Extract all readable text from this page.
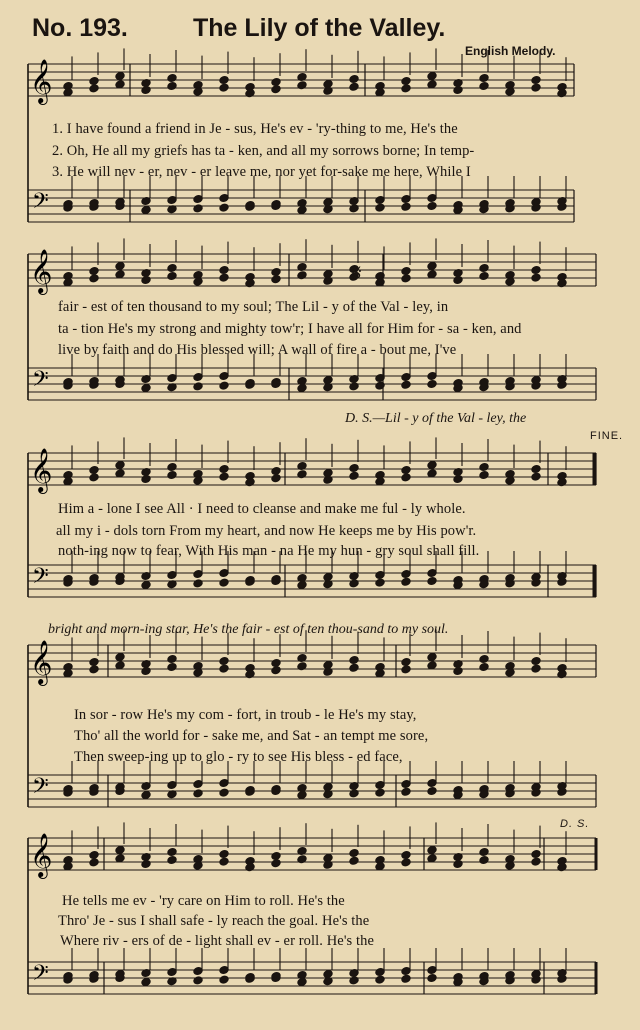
No. 193.	The Lily of the Valley.
English Melody.
𝄞
𝄢
𝄞
𝄢
𝄞
𝄢
𝄞
𝄢
𝄞
𝄢
1. I have found a friend in Je - sus, He's ev - 'ry-thing to me, He's the
2. Oh, He all my griefs has ta - ken, and all my sorrows borne; In temp-
3. He will nev - er, nev - er leave me, nor yet for-sake me here, While I
fair - est of ten thousand to my soul; The Lil - y of the Val - ley, in
ta - tion He's my strong and mighty tow'r; I have all for Him for - sa - ken, and
live by faith and do His blessed will; A wall of fire a - bout me, I've
D. S.—Lil - y of the Val - ley, the
Him a - lone I see All · I need to cleanse and make me ful - ly whole.
all my i - dols torn From my heart, and now He keeps me by His pow'r.
noth-ing now to fear, With His man - na He my hun - gry soul shall fill.
bright and morn-ing star, He's the fair - est of ten thou-sand to my soul.
In sor - row He's my com - fort, in troub - le He's my stay,
Tho' all the world for - sake me, and Sat - an tempt me sore,
Then sweep-ing up to glo - ry to see His bless - ed face,
He tells me ev - 'ry care on Him to roll. He's the
Thro' Je - sus I shall safe - ly reach the goal. He's the
Where riv - ers of de - light shall ev - er roll. He's the
𝄋
FINE.
D. S.
